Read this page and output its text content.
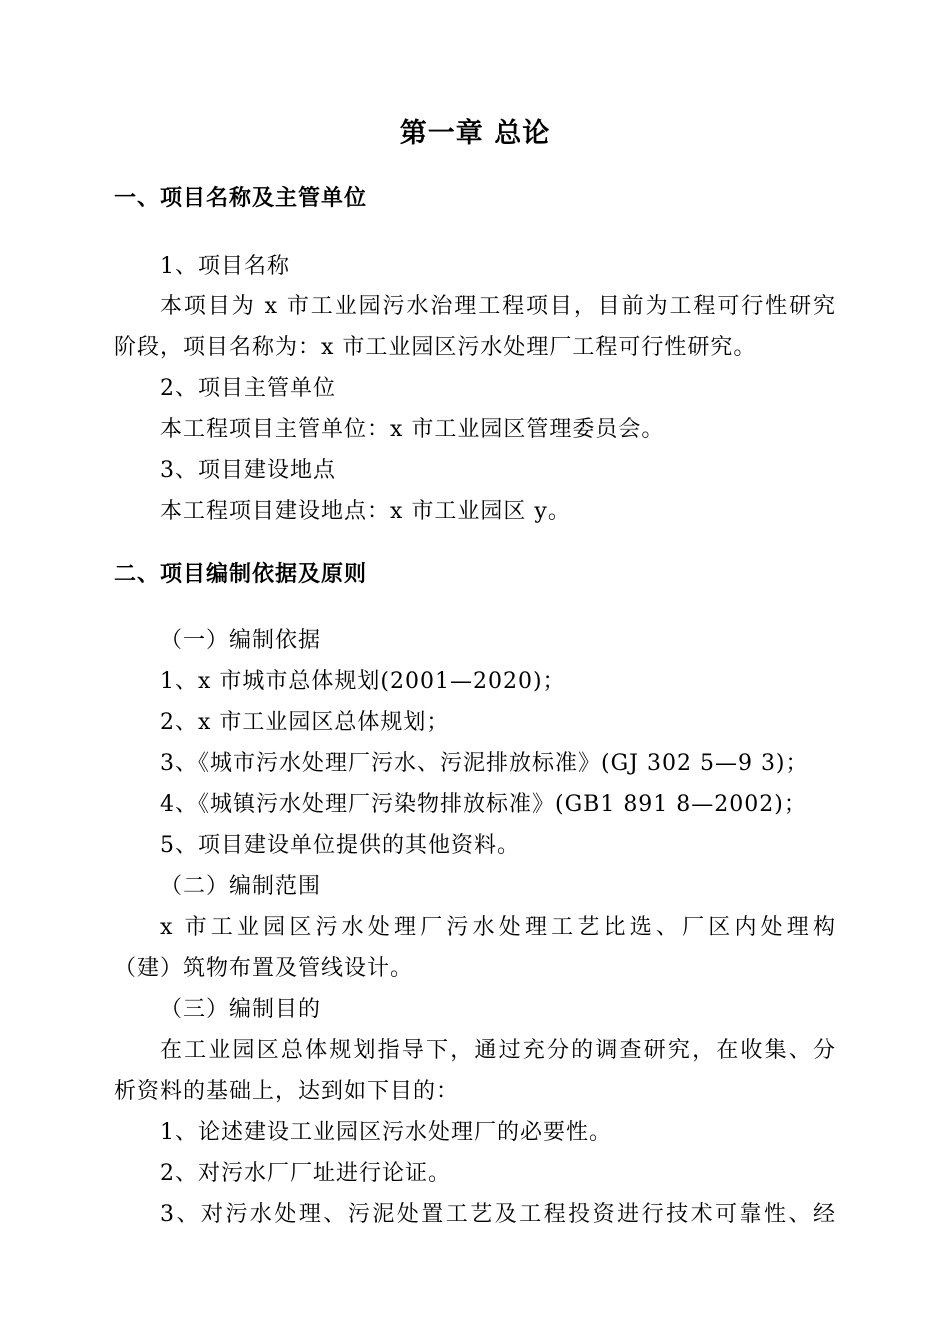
第一章 总论
一、项目名称及主管单位
1、项目名称
本项目为 x 市工业园污水治理工程项目，目前为工程可行性研究
阶段，项目名称为：x 市工业园区污水处理厂工程可行性研究。
2、项目主管单位
本工程项目主管单位：x 市工业园区管理委员会。
3、项目建设地点
本工程项目建设地点：x 市工业园区 y。
二、项目编制依据及原则
（一）编制依据
1、x 市城市总体规划(2001—2020)；
2、x 市工业园区总体规划；
3、《城市污水处理厂污水、污泥排放标准》(GJ 302 5—9 3)；
4、《城镇污水处理厂污染物排放标准》(GB1 891 8—2002)；
5、项目建设单位提供的其他资料。
（二）编制范围
x 市工业园区污水处理厂污水处理工艺比选、厂区内处理构
（建）筑物布置及管线设计。
（三）编制目的
在工业园区总体规划指导下，通过充分的调查研究，在收集、分
析资料的基础上，达到如下目的：
1、论述建设工业园区污水处理厂的必要性。
2、对污水厂厂址进行论证。
3、对污水处理、污泥处置工艺及工程投资进行技术可靠性、经
